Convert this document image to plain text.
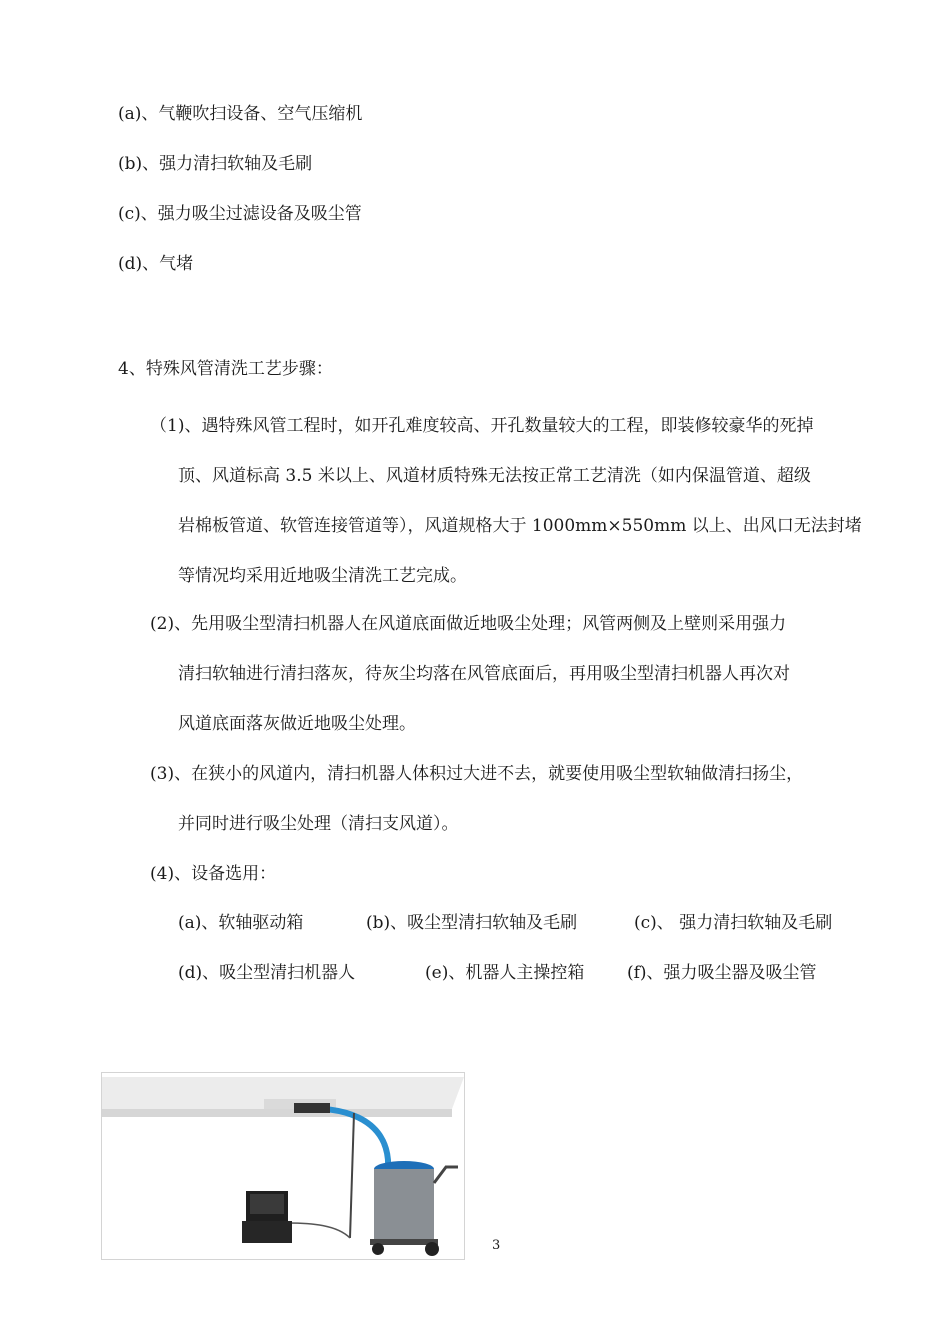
(a)、气鞭吹扫设备、空气压缩机
(b)、强力清扫软轴及毛刷
(c)、强力吸尘过滤设备及吸尘管
(d)、气堵
4、特殊风管清洗工艺步骤：
（1)、遇特殊风管工程时，如开孔难度较高、开孔数量较大的工程，即装修较豪华的死掉
顶、风道标高 3.5 米以上、风道材质特殊无法按正常工艺清洗（如内保温管道、超级
岩棉板管道、软管连接管道等），风道规格大于 1000mm×550mm 以上、出风口无法封堵
等情况均采用近地吸尘清洗工艺完成。
(2)、先用吸尘型清扫机器人在风道底面做近地吸尘处理；风管两侧及上壁则采用强力
清扫软轴进行清扫落灰，待灰尘均落在风管底面后，再用吸尘型清扫机器人再次对
风道底面落灰做近地吸尘处理。
(3)、在狭小的风道内，清扫机器人体积过大进不去，就要使用吸尘型软轴做清扫扬尘，
并同时进行吸尘处理（清扫支风道）。
(4)、设备选用：
(a)、软轴驱动箱	(b)、吸尘型清扫软轴及毛刷	(c)、 强力清扫软轴及毛刷
(d)、吸尘型清扫机器人	(e)、机器人主操控箱	(f)、强力吸尘器及吸尘管
3
